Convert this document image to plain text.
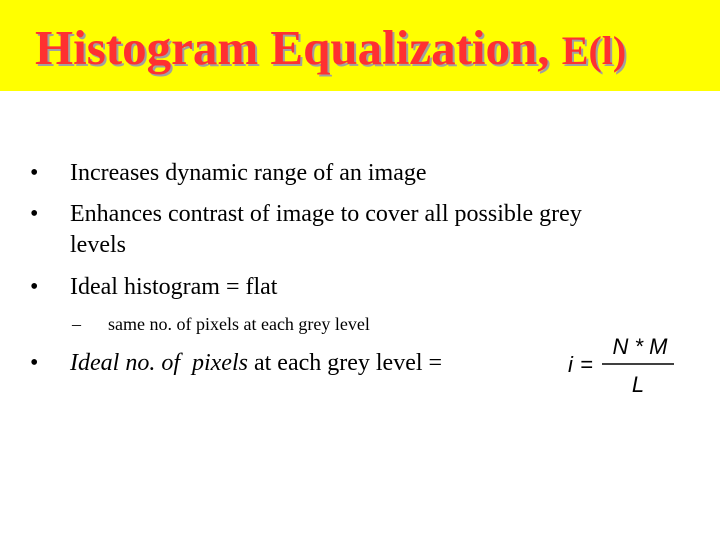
Histogram Equalization, E(l)
• Increases dynamic range of an image
• Enhances contrast of image to cover all possible grey
levels
• Ideal histogram = flat
– same no. of pixels at each grey level
• Ideal no. of pixels at each grey level =	i =
N * M
L
